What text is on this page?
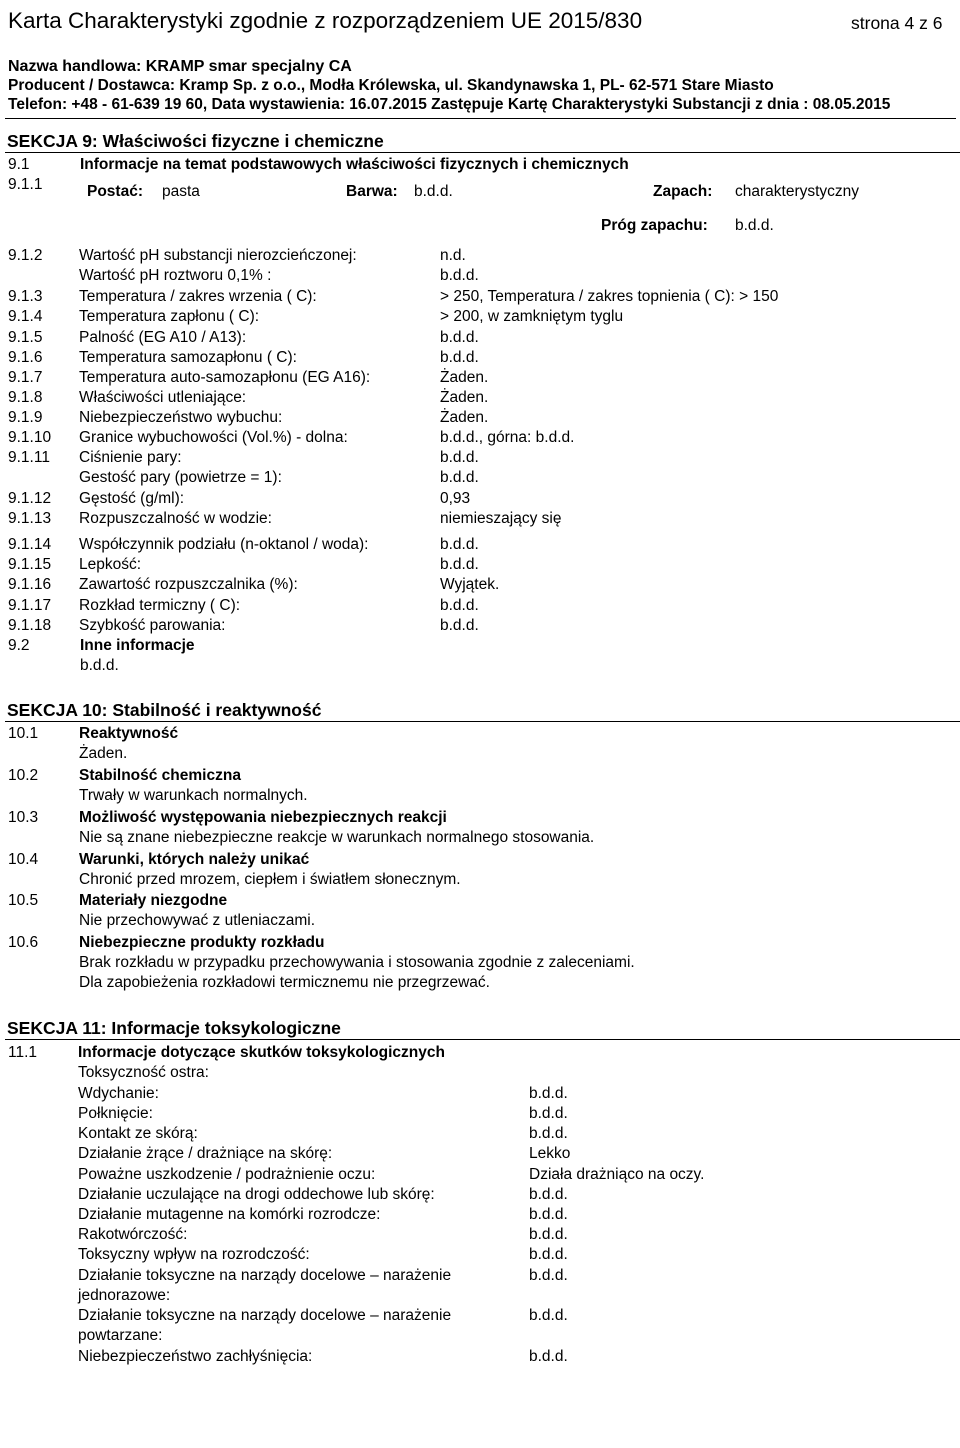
Karta Charakterystyki zgodnie z rozporządzeniem UE 2015/830	strona 4 z 6
Nazwa handlowa: KRAMP smar specjalny CA
Producent / Dostawca: Kramp Sp. z o.o., Modła Królewska, ul. Skandynawska 1, PL- 62-571 Stare Miasto
Telefon: +48 - 61-639 19 60, Data wystawienia: 16.07.2015 Zastępuje Kartę Charakterystyki Substancji z dnia : 08.05.2015
SEKCJA 9: Właściwości fizyczne i chemiczne
9.1	Informacje na temat podstawowych właściwości fizycznych i chemicznych
9.1.1	Postać: pasta	Barwa: b.d.d.	Zapach: charakterystyczny
Próg zapachu: b.d.d.
9.1.2 Wartość pH substancji nierozcieńczonej:	n.d.
Wartość pH roztworu 0,1% :	b.d.d.
9.1.3 Temperatura / zakres wrzenia ( C):	> 250, Temperatura / zakres topnienia ( C): > 150
9.1.4 Temperatura zapłonu ( C):	> 200, w zamkniętym tyglu
9.1.5 Palność (EG A10 / A13):	b.d.d.
9.1.6 Temperatura samozapłonu ( C):	b.d.d.
9.1.7 Temperatura auto-samozapłonu (EG A16):	Żaden.
9.1.8 Właściwości utleniające:	Żaden.
9.1.9 Niebezpieczeństwo wybuchu:	Żaden.
9.1.10 Granice wybuchowości (Vol.%) - dolna:	b.d.d., górna: b.d.d.
9.1.11 Ciśnienie pary:	b.d.d.
Gestość pary (powietrze = 1):	b.d.d.
9.1.12 Gęstość (g/ml):	0,93
9.1.13 Rozpuszczalność w wodzie:	niemieszający się
9.1.14 Współczynnik podziału (n-oktanol / woda):	b.d.d.
9.1.15 Lepkość:	b.d.d.
9.1.16 Zawartość rozpuszczalnika (%):	Wyjątek.
9.1.17 Rozkład termiczny ( C):	b.d.d.
9.1.18 Szybkość parowania:	b.d.d.
9.2	Inne informacje
b.d.d.
SEKCJA 10: Stabilność i reaktywność
10.1	Reaktywność
Żaden.
10.2	Stabilność chemiczna
Trwały w warunkach normalnych.
10.3	Możliwość występowania niebezpiecznych reakcji
Nie są znane niebezpieczne reakcje w warunkach normalnego stosowania.
10.4	Warunki, których należy unikać
Chronić przed mrozem, ciepłem i światłem słonecznym.
10.5	Materiały niezgodne
Nie przechowywać z utleniaczami.
10.6	Niebezpieczne produkty rozkładu
Brak rozkładu w przypadku przechowywania i stosowania zgodnie z zaleceniami.
Dla zapobieżenia rozkładowi termicznemu nie przegrzewać.
SEKCJA 11: Informacje toksykologiczne
11.1	Informacje dotyczące skutków toksykologicznych
Toksyczność ostra:
Wdychanie:	b.d.d.
Połknięcie:	b.d.d.
Kontakt ze skórą:	b.d.d.
Działanie żrące / drażniące na skórę:	Lekko
Poważne uszkodzenie / podrażnienie oczu:	Działa drażniąco na oczy.
Działanie uczulające na drogi oddechowe lub skórę:	b.d.d.
Działanie mutagenne na komórki rozrodcze:	b.d.d.
Rakotwórczość:	b.d.d.
Toksyczny wpływ na rozrodczość:	b.d.d.
Działanie toksyczne na narządy docelowe – narażenie
jednorazowe:
b.d.d.
Działanie toksyczne na narządy docelowe – narażenie
powtarzane:
b.d.d.
Niebezpieczeństwo zachłyśnięcia:	b.d.d.
